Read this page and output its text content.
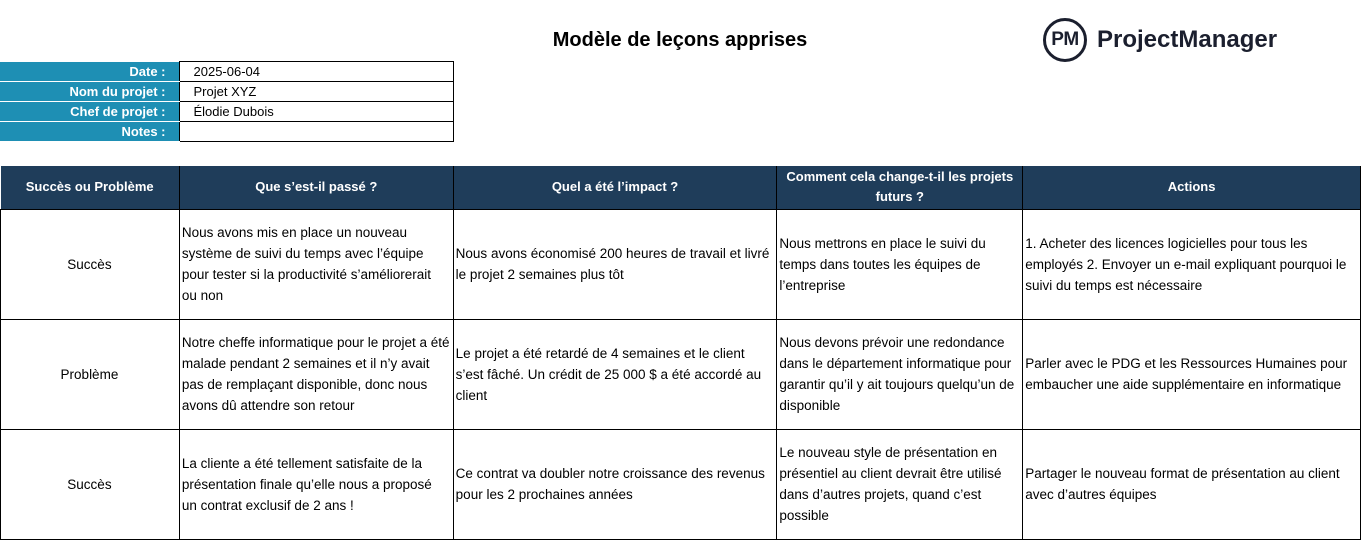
Modèle de leçons apprises	PM ProjectManager
Date :	2025-06-04
Nom du projet :	Projet XYZ
Chef de projet :	Élodie Dubois
Notes :	
Succès ou Problème	Que s’est-il passé ?	Quel a été l’impact ?	Comment cela change-t-il les projets futurs ?	Actions
Succès	Nous avons mis en place un nouveau système de suivi du temps avec l’équipe pour tester si la productivité s’améliorerait ou non	Nous avons économisé 200 heures de travail et livré le projet 2 semaines plus tôt	Nous mettrons en place le suivi du temps dans toutes les équipes de l’entreprise	1. Acheter des licences logicielles pour tous les employés 2. Envoyer un e-mail expliquant pourquoi le suivi du temps est nécessaire
Problème	Notre cheffe informatique pour le projet a été malade pendant 2 semaines et il n’y avait pas de remplaçant disponible, donc nous avons dû attendre son retour	Le projet a été retardé de 4 semaines et le client s’est fâché. Un crédit de 25 000 $ a été accordé au client	Nous devons prévoir une redondance dans le département informatique pour garantir qu’il y ait toujours quelqu’un de disponible	Parler avec le PDG et les Ressources Humaines pour embaucher une aide supplémentaire en informatique
Succès	La cliente a été tellement satisfaite de la présentation finale qu’elle nous a proposé un contrat exclusif de 2 ans !	Ce contrat va doubler notre croissance des revenus pour les 2 prochaines années	Le nouveau style de présentation en présentiel au client devrait être utilisé dans d’autres projets, quand c’est possible	Partager le nouveau format de présentation au client avec d’autres équipes
